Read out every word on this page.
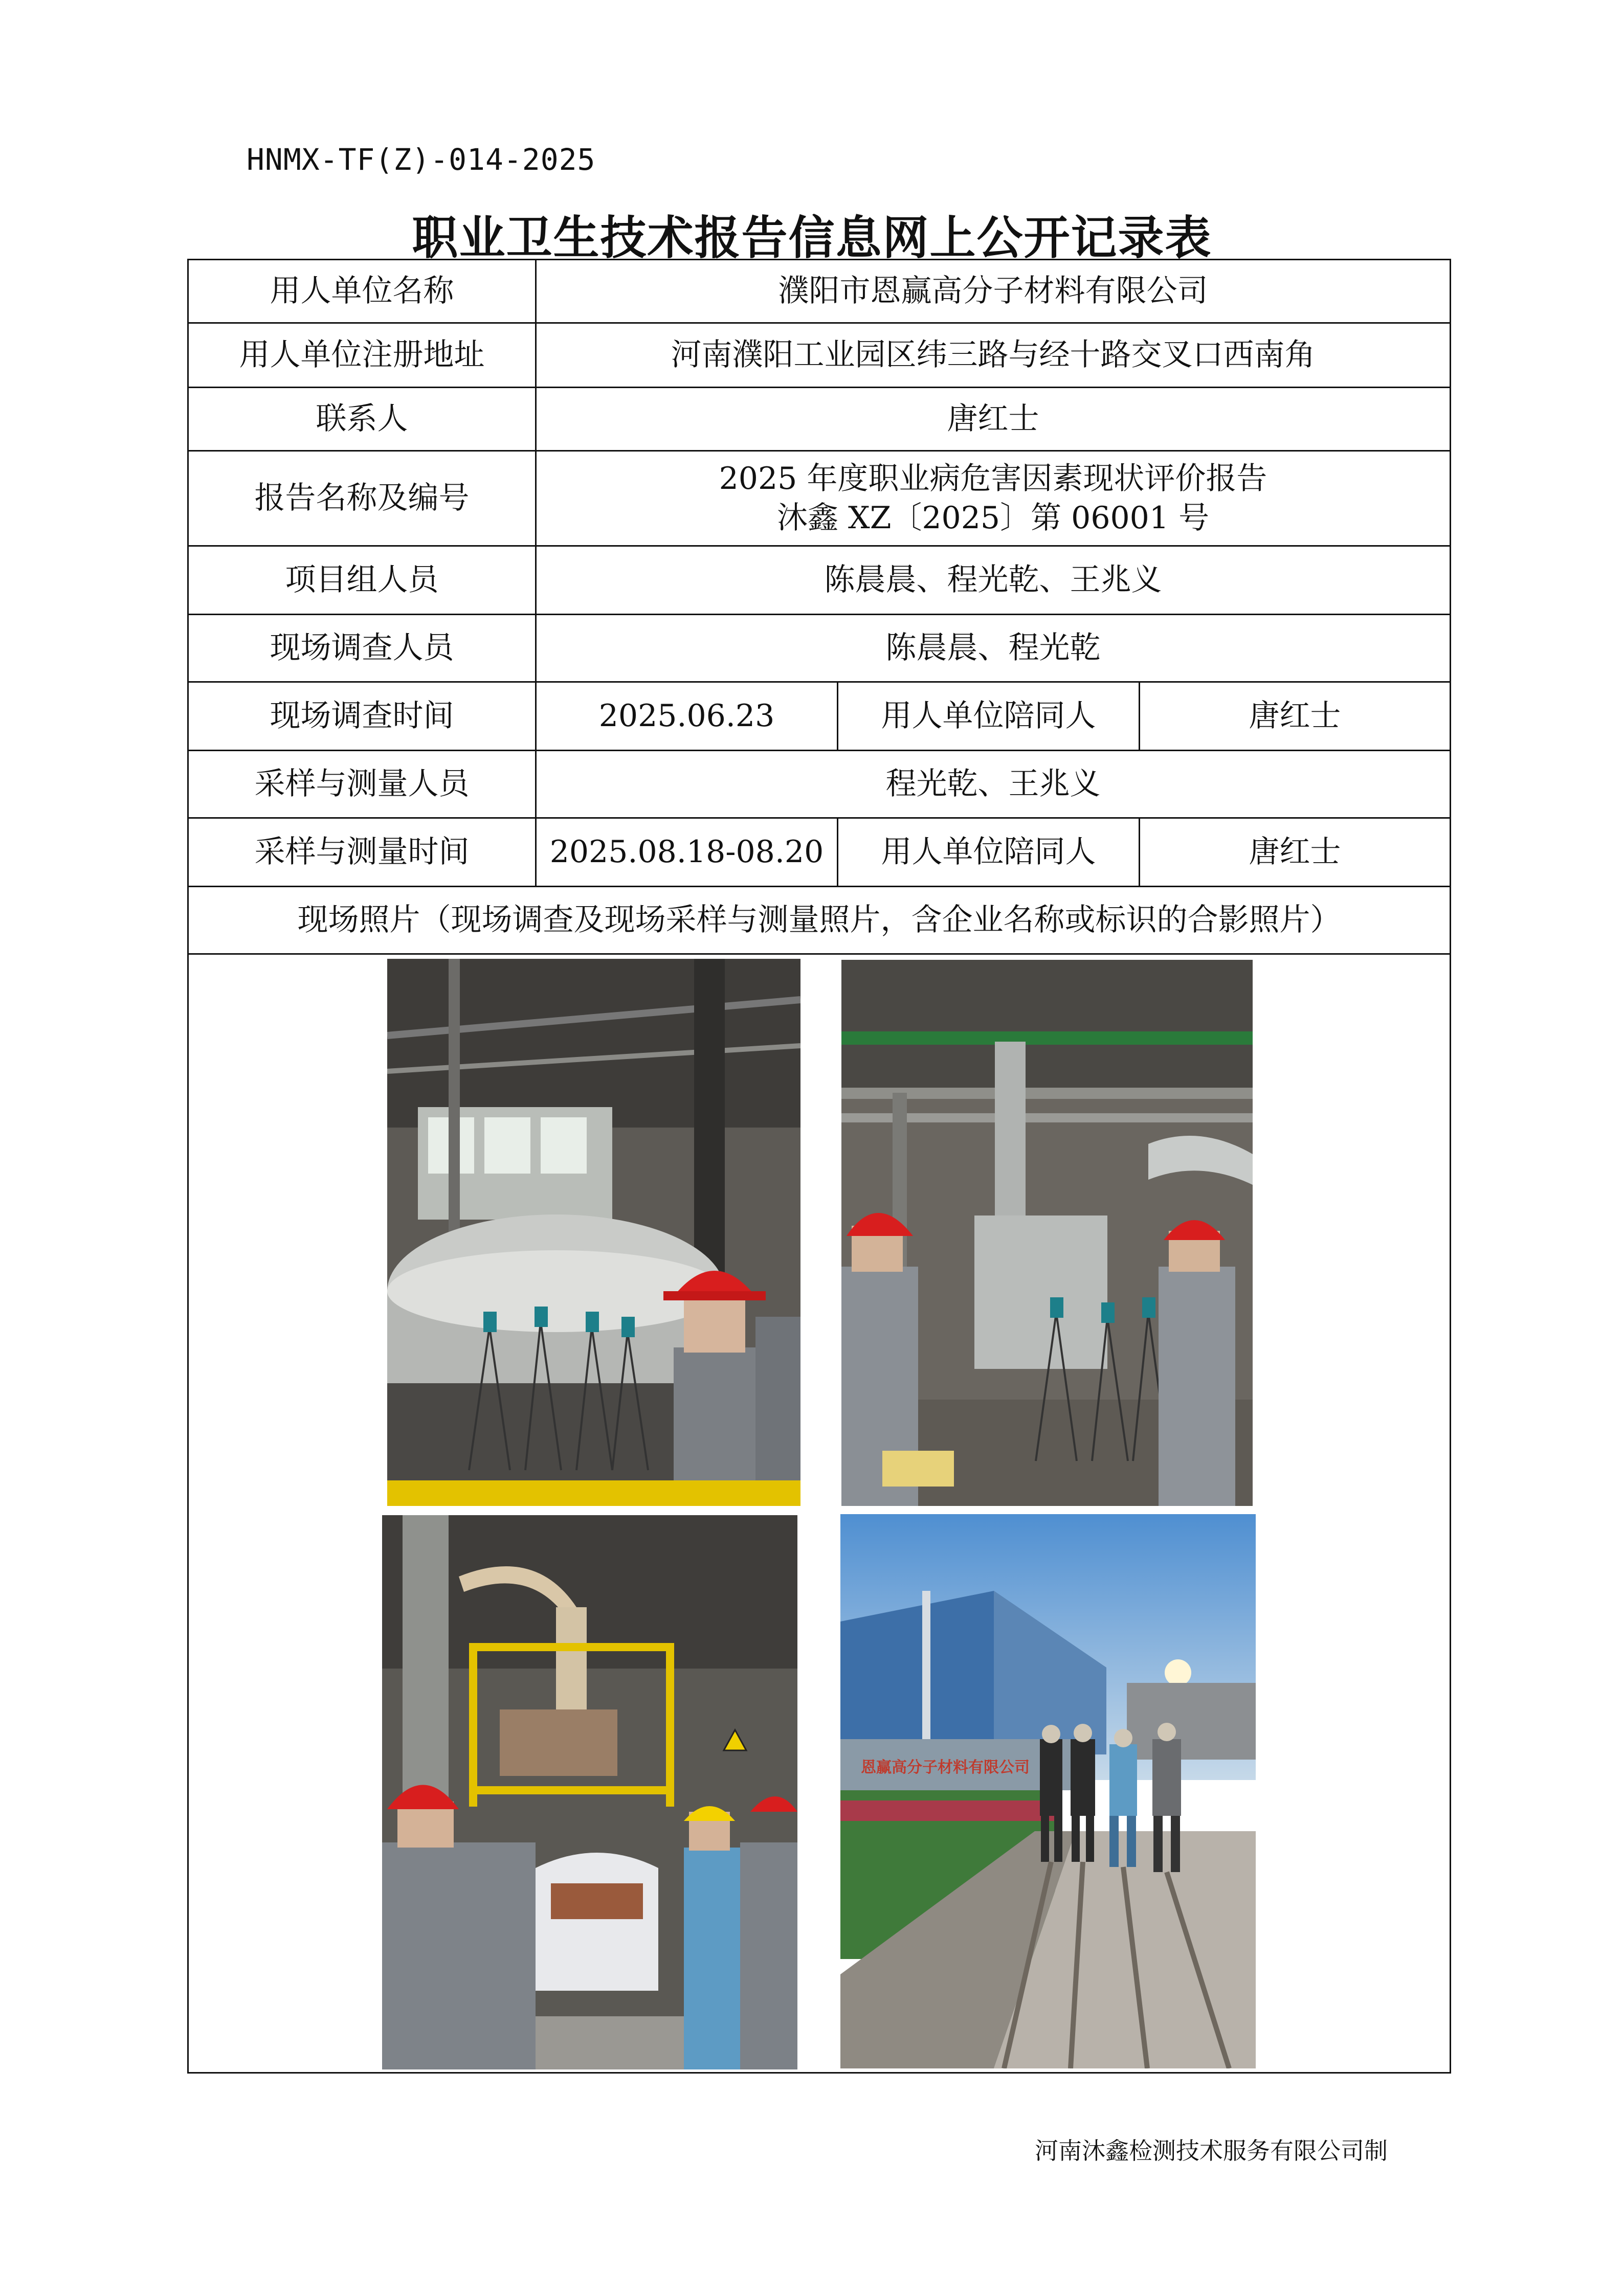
HNMX-TF(Z)-014-2025
职业卫生技术报告信息网上公开记录表
用人单位名称	濮阳市恩赢高分子材料有限公司		
用人单位注册地址	河南濮阳工业园区纬三路与经十路交叉口西南角		
联系人	唐红士		
报告名称及编号	2025 年度职业病危害因素现状评价报告
沐鑫 XZ〔2025〕第 06001 号		

项目组人员	陈晨晨、程光乾、王兆义		
现场调查人员	陈晨晨、程光乾		
现场调查时间	2025.06.23	用人单位陪同人	唐红士
采样与测量人员	程光乾、王兆义		
采样与测量时间	2025.08.18-08.20	用人单位陪同人	唐红士
现场照片（现场调查及现场采样与测量照片，含企业名称或标识的合影照片）			

恩赢高分子材料有限公司			
河南沐鑫检测技术服务有限公司制
